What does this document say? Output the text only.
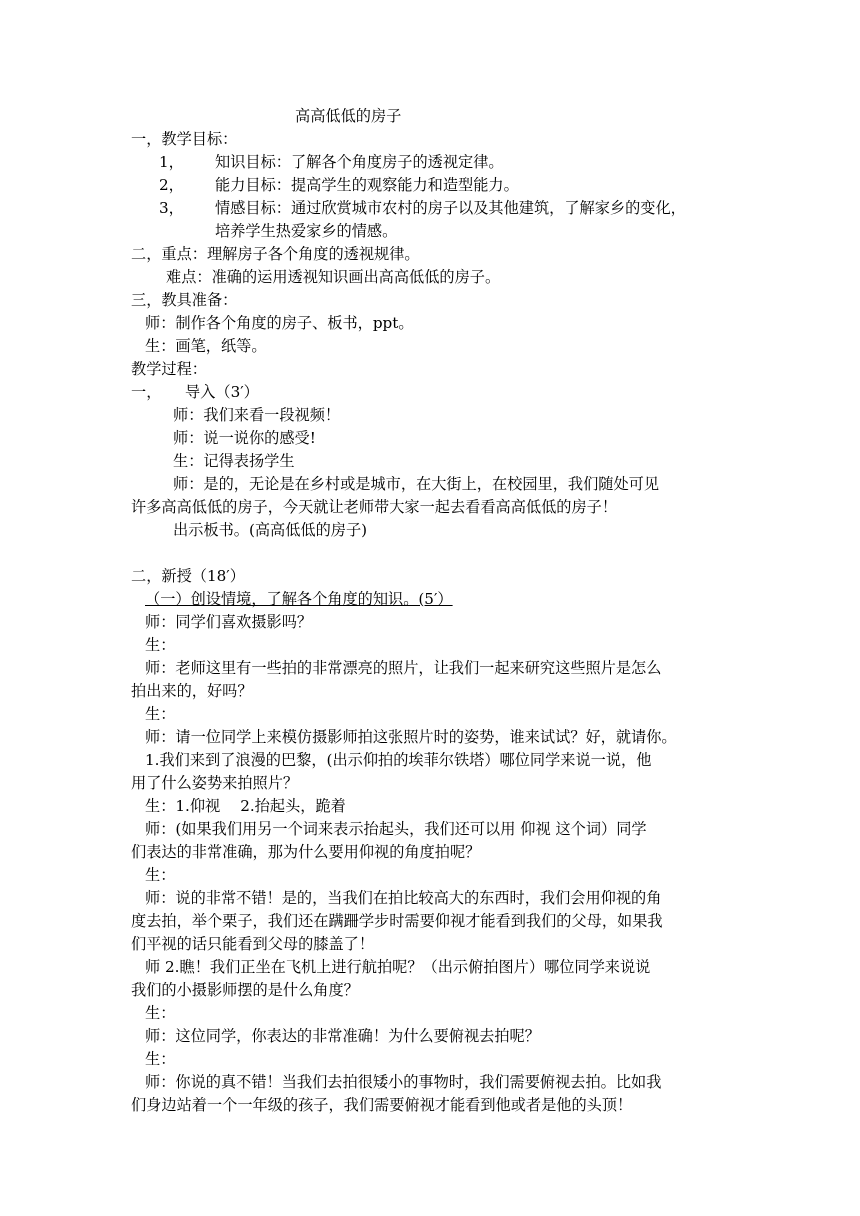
高高低低的房子
一，教学目标：
1， 知识目标：了解各个角度房子的透视定律。
2， 能力目标：提高学生的观察能力和造型能力。
3， 情感目标：通过欣赏城市农村的房子以及其他建筑，了解家乡的变化，
培养学生热爱家乡的情感。
二，重点：理解房子各个角度的透视规律。
难点：准确的运用透视知识画出高高低低的房子。
三，教具准备：
师：制作各个角度的房子、板书，ppt。
生：画笔，纸等。
教学过程：
一， 导入（3′）
师：我们来看一段视频！
师：说一说你的感受!
生：记得表扬学生
师：是的，无论是在乡村或是城市，在大街上，在校园里，我们随处可见
许多高高低低的房子，今天就让老师带大家一起去看看高高低低的房子！
出示板书。(高高低低的房子)
二，新授（18′）
（一）创设情境，了解各个角度的知识。(5′）
师：同学们喜欢摄影吗？
生：
师：老师这里有一些拍的非常漂亮的照片，让我们一起来研究这些照片是怎么
拍出来的，好吗？
生：
师：请一位同学上来模仿摄影师拍这张照片时的姿势，谁来试试？好，就请你。
1.我们来到了浪漫的巴黎，(出示仰拍的埃菲尔铁塔）哪位同学来说一说，他
用了什么姿势来拍照片？
生：1.仰视　 2.抬起头，跪着
师：(如果我们用另一个词来表示抬起头，我们还可以用 仰视 这个词）同学
们表达的非常准确，那为什么要用仰视的角度拍呢？
生：
师：说的非常不错！是的，当我们在拍比较高大的东西时，我们会用仰视的角
度去拍，举个栗子，我们还在蹒跚学步时需要仰视才能看到我们的父母，如果我
们平视的话只能看到父母的膝盖了！
师 2.瞧！我们正坐在飞机上进行航拍呢？（出示俯拍图片）哪位同学来说说
我们的小摄影师摆的是什么角度？
生：
师：这位同学，你表达的非常准确！为什么要俯视去拍呢？
生：
师：你说的真不错！当我们去拍很矮小的事物时，我们需要俯视去拍。比如我
们身边站着一个一年级的孩子，我们需要俯视才能看到他或者是他的头顶！
